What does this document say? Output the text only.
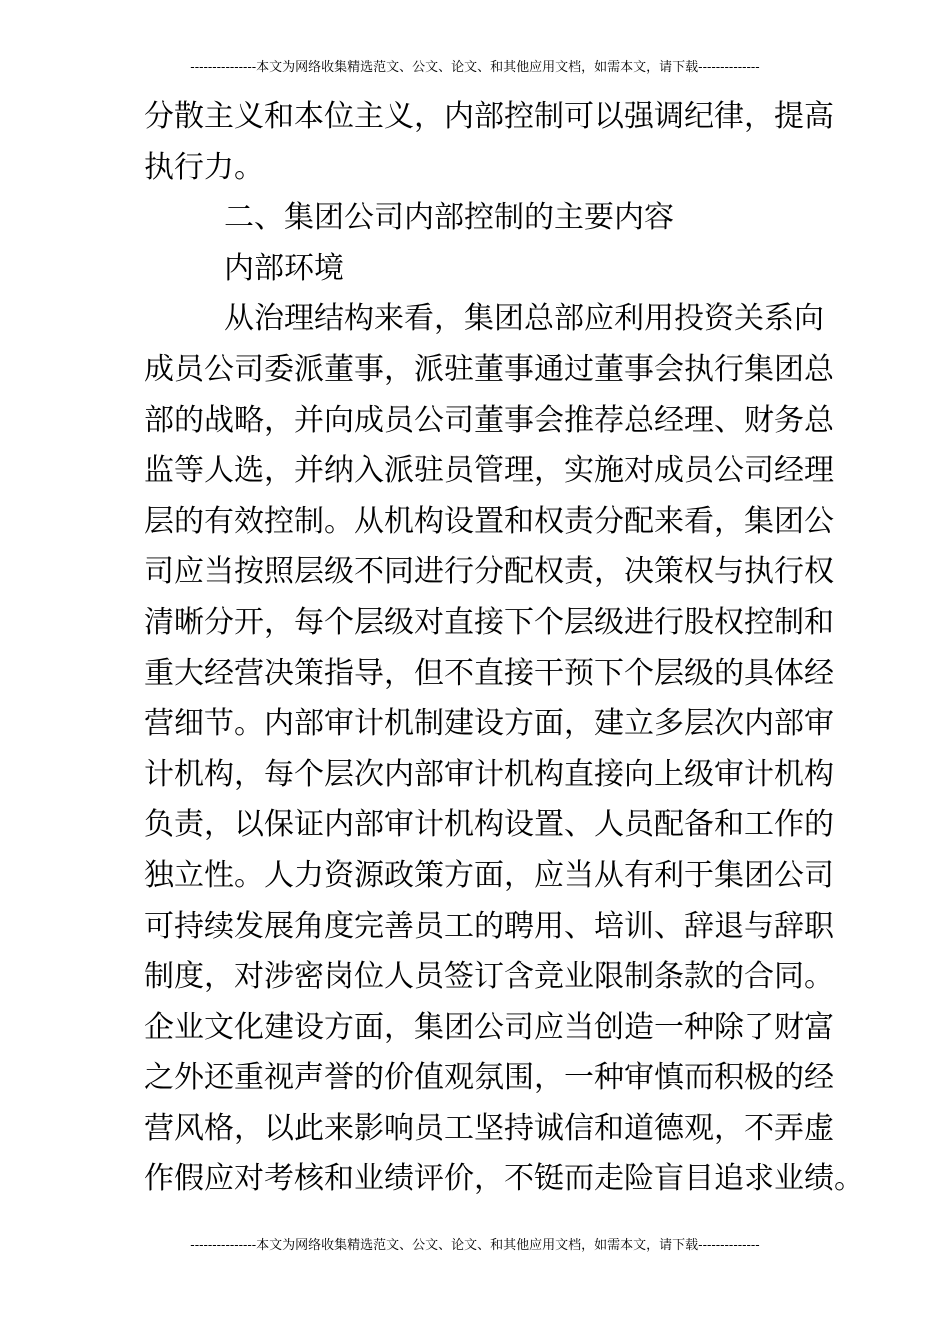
---------------本文为网络收集精选范文、公文、论文、和其他应用文档，如需本文，请下载--------------
分散主义和本位主义，内部控制可以强调纪律，提高
执行力。
二、集团公司内部控制的主要内容
内部环境
从治理结构来看，集团总部应利用投资关系向
成员公司委派董事，派驻董事通过董事会执行集团总
部的战略，并向成员公司董事会推荐总经理、财务总
监等人选，并纳入派驻员管理，实施对成员公司经理
层的有效控制。从机构设置和权责分配来看，集团公
司应当按照层级不同进行分配权责，决策权与执行权
清晰分开，每个层级对直接下个层级进行股权控制和
重大经营决策指导，但不直接干预下个层级的具体经
营细节。内部审计机制建设方面，建立多层次内部审
计机构，每个层次内部审计机构直接向上级审计机构
负责，以保证内部审计机构设置、人员配备和工作的
独立性。人力资源政策方面，应当从有利于集团公司
可持续发展角度完善员工的聘用、培训、辞退与辞职
制度，对涉密岗位人员签订含竞业限制条款的合同。
企业文化建设方面，集团公司应当创造一种除了财富
之外还重视声誉的价值观氛围，一种审慎而积极的经
营风格，以此来影响员工坚持诚信和道德观，不弄虚
作假应对考核和业绩评价，不铤而走险盲目追求业绩。
---------------本文为网络收集精选范文、公文、论文、和其他应用文档，如需本文，请下载--------------
